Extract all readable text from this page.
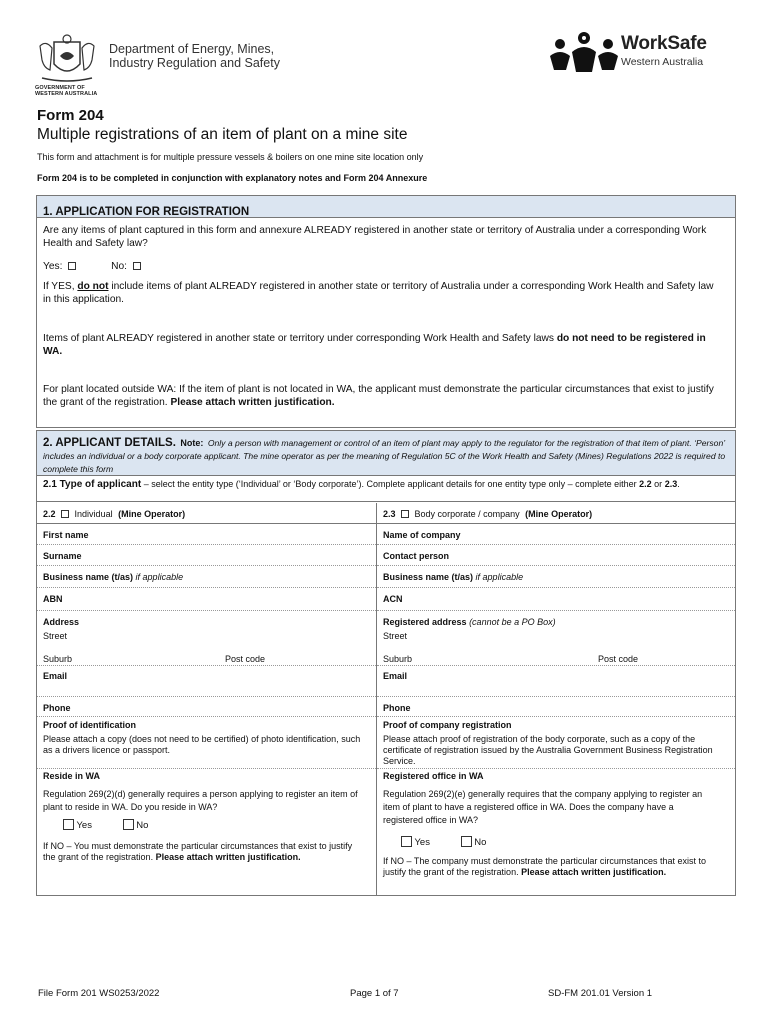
GOVERNMENT OF
WESTERN AUSTRALIA
Department of Energy, Mines,
Industry Regulation and Safety
WorkSafe
Western Australia
Form 204
Multiple registrations of an item of plant on a mine site
This form and attachment is for multiple pressure vessels & boilers on one mine site location only
Form 204 is to be completed in conjunction with explanatory notes and Form 204 Annexure
1. APPLICATION FOR REGISTRATION
Are any items of plant captured in this form and annexure ALREADY registered in another state or territory of Australia under a corresponding Work Health and Safety law?
Yes:	No:
If YES, do not include items of plant ALREADY registered in another state or territory of Australia under a corresponding Work Health and Safety law in this application.
Items of plant ALREADY registered in another state or territory under corresponding Work Health and Safety laws do not need to be registered in WA.
For plant located outside WA: If the item of plant is not located in WA, the applicant must demonstrate the particular circumstances that exist to justify the grant of the registration. Please attach written justification.
2. APPLICANT DETAILS. Note: Only a person with management or control of an item of plant may apply to the regulator for the registration of that item of plant. ‘Person’ includes an individual or a body corporate applicant. The mine operator as per the meaning of Regulation 5C of the Work Health and Safety (Mines) Regulations 2022 is required to complete this form
2.1 Type of applicant – select the entity type (‘Individual’ or ‘Body corporate’). Complete applicant details for one entity type only – complete either 2.2 or 2.3.
2.2 Individual (Mine Operator)
First name
Surname
Business name (t/as) if applicable
ABN
Address
Street
Suburb	Post code
Email
Phone
Proof of identification
Please attach a copy (does not need to be certified) of photo identification, such as a drivers licence or passport.
Reside in WA
Regulation 269(2)(d) generally requires a person applying to register an item of plant to reside in WA. Do you reside in WA?
Yes	No
If NO – You must demonstrate the particular circumstances that exist to justify the grant of the registration. Please attach written justification.
2.3 Body corporate / company (Mine Operator)
Name of company
Contact person
Business name (t/as) if applicable
ACN
Registered address (cannot be a PO Box)
Street
Suburb	Post code
Email
Phone
Proof of company registration
Please attach proof of registration of the body corporate, such as a copy of the certificate of registration issued by the Australia Government Business Registration Service.
Registered office in WA
Regulation 269(2)(e) generally requires that the company applying to register an item of plant to have a registered office in WA. Does the company have a registered office in WA?
Yes	No
If NO – The company must demonstrate the particular circumstances that exist to justify the grant of the registration. Please attach written justification.
File Form 201 WS0253/2022	Page 1 of 7	SD-FM 201.01 Version 1
